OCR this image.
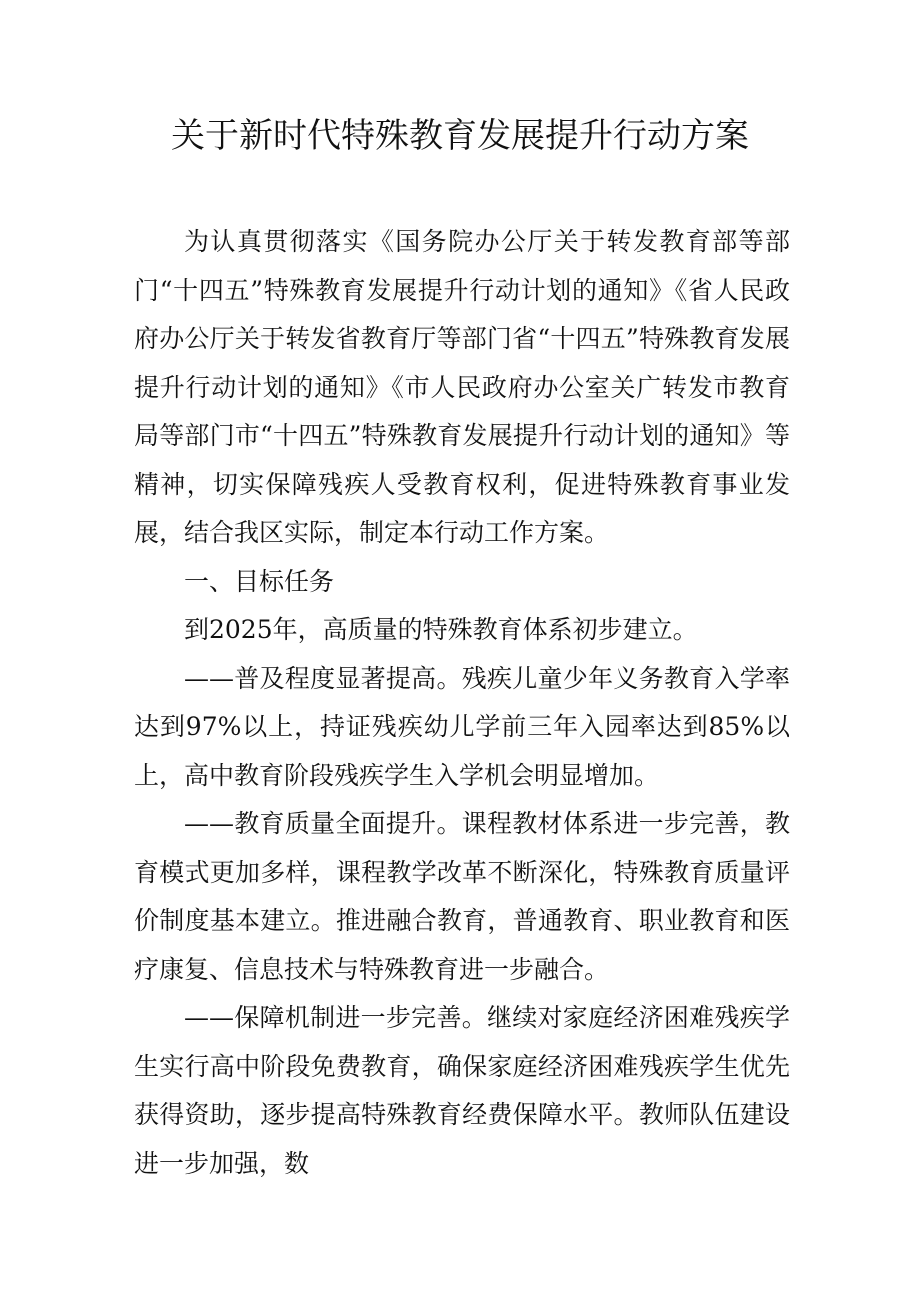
关于新时代特殊教育发展提升行动方案

为认真贯彻落实《国务院办公厅关于转发教育部等部门“十四五”特殊教育发展提升行动计划的通知》《省人民政府办公厅关于转发省教育厅等部门省“十四五”特殊教育发展提升行动计划的通知》《市人民政府办公室关广转发市教育局等部门市“十四五”特殊教育发展提升行动计划的通知》等精神，切实保障残疾人受教育权利，促进特殊教育事业发展，结合我区实际，制定本行动工作方案。

一、目标任务

到2025年，高质量的特殊教育体系初步建立。

——普及程度显著提高。残疾儿童少年义务教育入学率达到97%以上，持证残疾幼儿学前三年入园率达到85%以上，高中教育阶段残疾学生入学机会明显增加。

——教育质量全面提升。课程教材体系进一步完善，教育模式更加多样，课程教学改革不断深化，特殊教育质量评价制度基本建立。推进融合教育，普通教育、职业教育和医疗康复、信息技术与特殊教育进一步融合。

——保障机制进一步完善。继续对家庭经济困难残疾学生实行高中阶段免费教育，确保家庭经济困难残疾学生优先获得资助，逐步提高特殊教育经费保障水平。教师队伍建设进一步加强，数
